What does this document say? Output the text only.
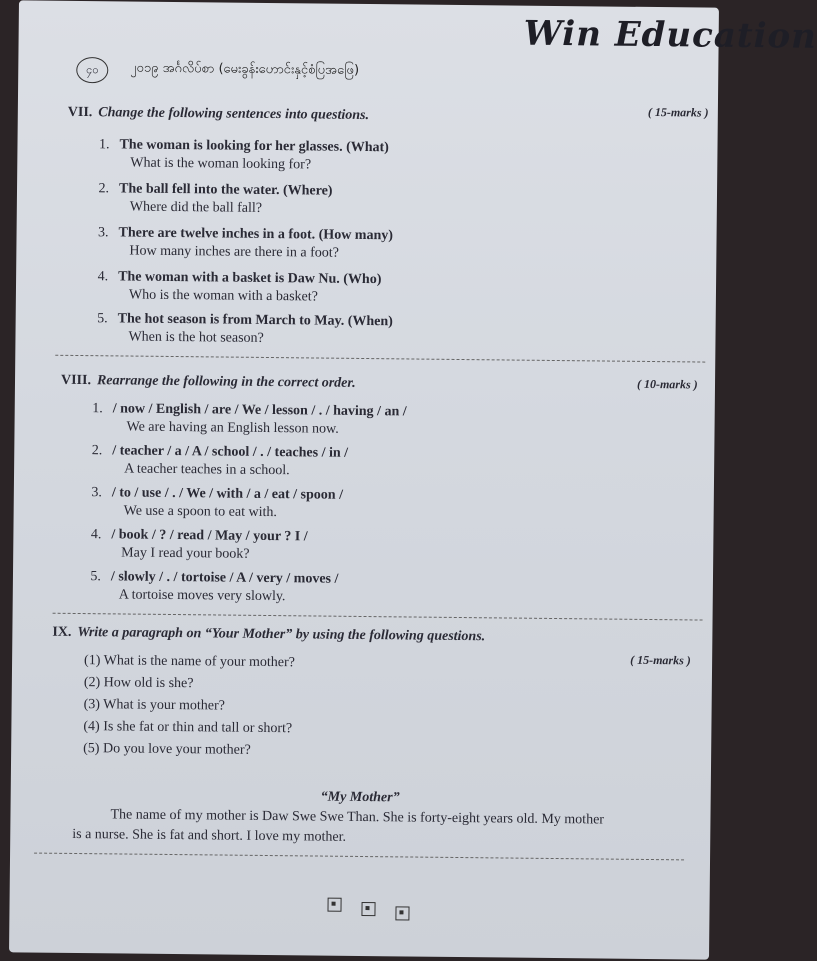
၄၀	၂၀၁၉ အင်္ဂလိပ်စာ (မေးခွန်းဟောင်းနှင့်စံပြအဖြေ)
Win Education
VII. Change the following sentences into questions.	( 15-marks )
1. The woman is looking for her glasses. (What)
What is the woman looking for?
2. The ball fell into the water. (Where)
Where did the ball fall?
3. There are twelve inches in a foot. (How many)
How many inches are there in a foot?
4. The woman with a basket is Daw Nu. (Who)
Who is the woman with a basket?
5. The hot season is from March to May. (When)
When is the hot season?
VIII. Rearrange the following in the correct order.	( 10-marks )
1. / now / English / are / We / lesson / . / having / an /
We are having an English lesson now.
2. / teacher / a / A / school / . / teaches / in /
A teacher teaches in a school.
3. / to / use / . / We / with / a / eat / spoon /
We use a spoon to eat with.
4. / book / ? / read / May / your ? I /
May I read your book?
5. / slowly / . / tortoise / A / very / moves /
A tortoise moves very slowly.
IX. Write a paragraph on “Your Mother” by using the following questions.
( 15-marks )
(1) What is the name of your mother?
(2) How old is she?
(3) What is your mother?
(4) Is she fat or thin and tall or short?
(5) Do you love your mother?
“My Mother”
The name of my mother is Daw Swe Swe Than. She is forty-eight years old. My mother
is a nurse. She is fat and short. I love my mother.
